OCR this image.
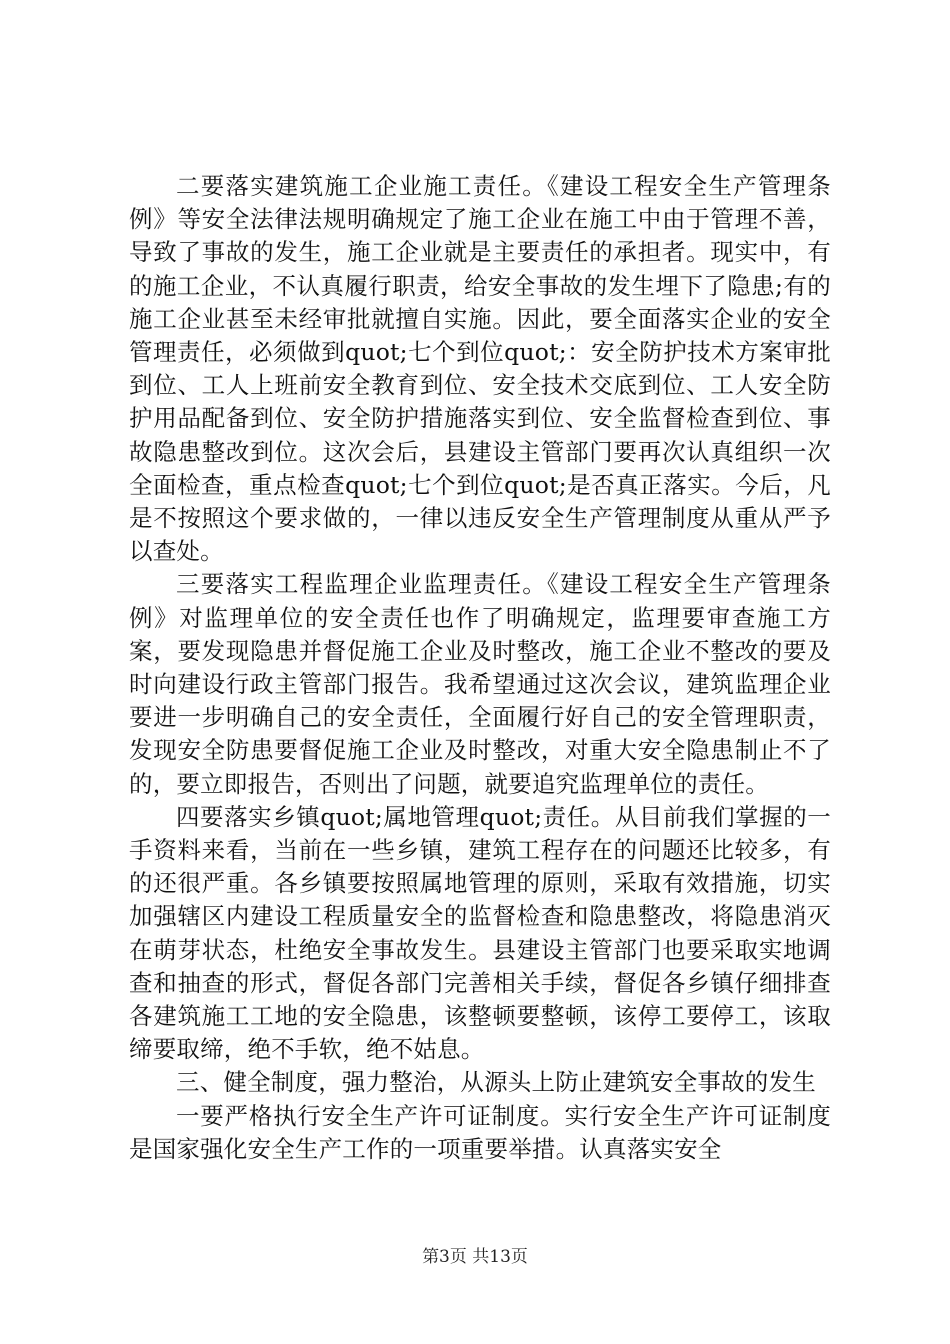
二要落实建筑施工企业施工责任。《建设工程安全生产管理条例》等安全法律法规明确规定了施工企业在施工中由于管理不善，导致了事故的发生，施工企业就是主要责任的承担者。现实中，有的施工企业，不认真履行职责，给安全事故的发生埋下了隐患;有的施工企业甚至未经审批就擅自实施。因此，要全面落实企业的安全管理责任，必须做到quot;七个到位quot;：安全防护技术方案审批到位、工人上班前安全教育到位、安全技术交底到位、工人安全防护用品配备到位、安全防护措施落实到位、安全监督检查到位、事故隐患整改到位。这次会后，县建设主管部门要再次认真组织一次全面检查，重点检查quot;七个到位quot;是否真正落实。今后，凡是不按照这个要求做的，一律以违反安全生产管理制度从重从严予以查处。

三要落实工程监理企业监理责任。《建设工程安全生产管理条例》对监理单位的安全责任也作了明确规定，监理要审查施工方案，要发现隐患并督促施工企业及时整改，施工企业不整改的要及时向建设行政主管部门报告。我希望通过这次会议，建筑监理企业要进一步明确自己的安全责任，全面履行好自己的安全管理职责，发现安全防患要督促施工企业及时整改，对重大安全隐患制止不了的，要立即报告，否则出了问题，就要追究监理单位的责任。

四要落实乡镇quot;属地管理quot;责任。从目前我们掌握的一手资料来看，当前在一些乡镇，建筑工程存在的问题还比较多，有的还很严重。各乡镇要按照属地管理的原则，采取有效措施，切实加强辖区内建设工程质量安全的监督检查和隐患整改，将隐患消灭在萌芽状态，杜绝安全事故发生。县建设主管部门也要采取实地调查和抽查的形式，督促各部门完善相关手续，督促各乡镇仔细排查各建筑施工工地的安全隐患，该整顿要整顿，该停工要停工，该取缔要取缔，绝不手软，绝不姑息。

三、健全制度，强力整治，从源头上防止建筑安全事故的发生

一要严格执行安全生产许可证制度。实行安全生产许可证制度是国家强化安全生产工作的一项重要举措。认真落实安全

第3页 共13页
